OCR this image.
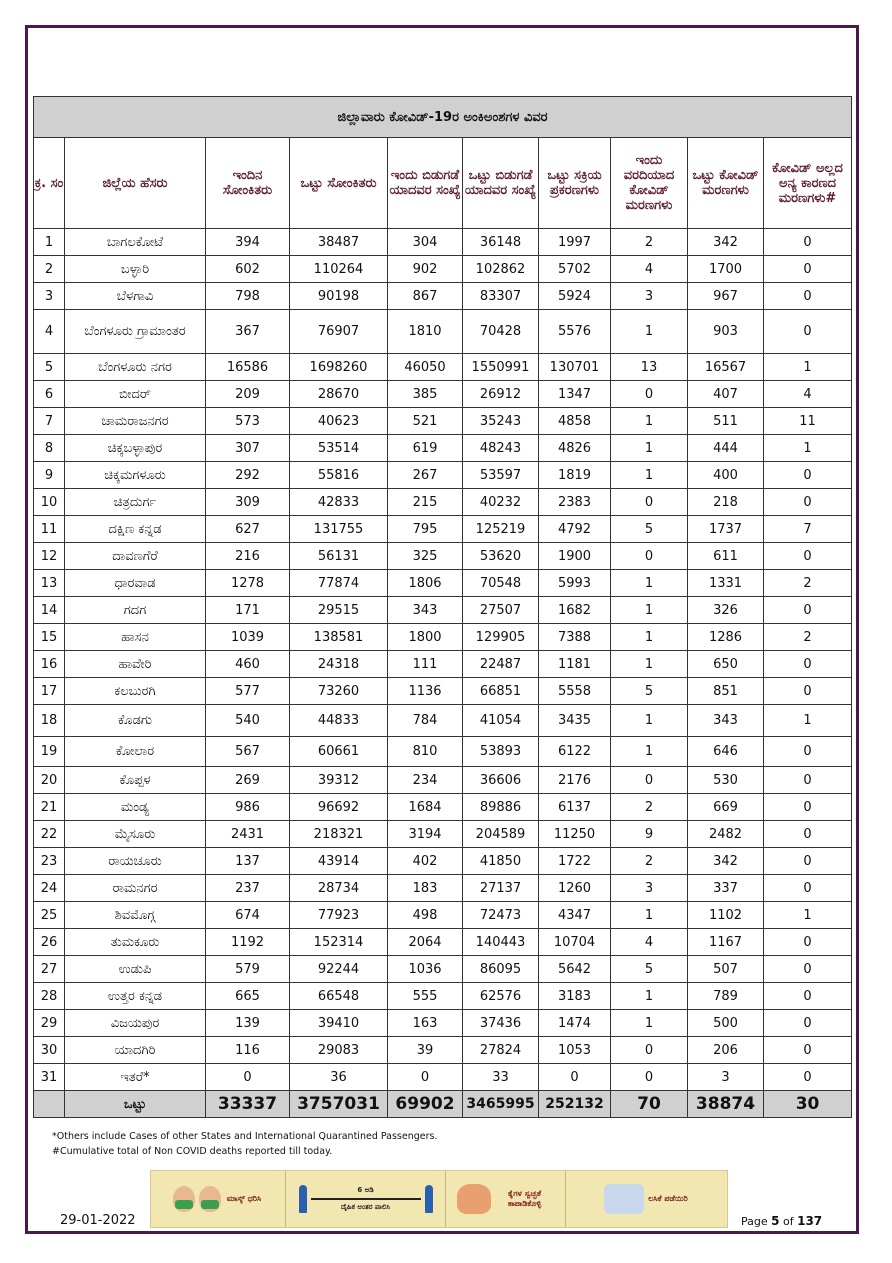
ಜಿಲ್ಲಾವಾರು ಕೋವಿಡ್-19ರ ಅಂಕಿಅಂಶಗಳ ವಿವರ									
ಕ್ರ. ಸಂ	ಜಿಲ್ಲೆಯ ಹೆಸರು	ಇಂದಿನ ಸೋಂಕಿತರು	ಒಟ್ಟು ಸೋಂಕಿತರು	ಇಂದು ಬಿಡುಗಡೆ ಯಾದವರ ಸಂಖ್ಯೆ	ಒಟ್ಟು ಬಿಡುಗಡೆ ಯಾದವರ ಸಂಖ್ಯೆ	ಒಟ್ಟು ಸಕ್ರಿಯ ಪ್ರಕರಣಗಳು	ಇಂದು ವರದಿಯಾದ ಕೋವಿಡ್ ಮರಣಗಳು	ಒಟ್ಟು ಕೋವಿಡ್ ಮರಣಗಳು	ಕೋವಿಡ್ ಅಲ್ಲದ ಅನ್ಯ ಕಾರಣದ ಮರಣಗಳು#
1	ಬಾಗಲಕೋಟೆ	394	38487	304	36148	1997	2	342	0
2	ಬಳ್ಳಾರಿ	602	110264	902	102862	5702	4	1700	0
3	ಬೆಳಗಾವಿ	798	90198	867	83307	5924	3	967	0
4	ಬೆಂಗಳೂರು ಗ್ರಾಮಾಂತರ	367	76907	1810	70428	5576	1	903	0
5	ಬೆಂಗಳೂರು ನಗರ	16586	1698260	46050	1550991	130701	13	16567	1
6	ಬೀದರ್	209	28670	385	26912	1347	0	407	4
7	ಚಾಮರಾಜನಗರ	573	40623	521	35243	4858	1	511	11
8	ಚಿಕ್ಕಬಳ್ಳಾಪುರ	307	53514	619	48243	4826	1	444	1
9	ಚಿಕ್ಕಮಗಳೂರು	292	55816	267	53597	1819	1	400	0
10	ಚಿತ್ರದುರ್ಗ	309	42833	215	40232	2383	0	218	0
11	ದಕ್ಷಿಣ ಕನ್ನಡ	627	131755	795	125219	4792	5	1737	7
12	ದಾವಣಗೆರೆ	216	56131	325	53620	1900	0	611	0
13	ಧಾರವಾಡ	1278	77874	1806	70548	5993	1	1331	2
14	ಗದಗ	171	29515	343	27507	1682	1	326	0
15	ಹಾಸನ	1039	138581	1800	129905	7388	1	1286	2
16	ಹಾವೇರಿ	460	24318	111	22487	1181	1	650	0
17	ಕಲಬುರಗಿ	577	73260	1136	66851	5558	5	851	0
18	ಕೊಡಗು	540	44833	784	41054	3435	1	343	1
19	ಕೋಲಾರ	567	60661	810	53893	6122	1	646	0
20	ಕೊಪ್ಪಳ	269	39312	234	36606	2176	0	530	0
21	ಮಂಡ್ಯ	986	96692	1684	89886	6137	2	669	0
22	ಮೈಸೂರು	2431	218321	3194	204589	11250	9	2482	0
23	ರಾಯಚೂರು	137	43914	402	41850	1722	2	342	0
24	ರಾಮನಗರ	237	28734	183	27137	1260	3	337	0
25	ಶಿವಮೊಗ್ಗ	674	77923	498	72473	4347	1	1102	1
26	ತುಮಕೂರು	1192	152314	2064	140443	10704	4	1167	0
27	ಉಡುಪಿ	579	92244	1036	86095	5642	5	507	0
28	ಉತ್ತರ ಕನ್ನಡ	665	66548	555	62576	3183	1	789	0
29	ವಿಜಯಪುರ	139	39410	163	37436	1474	1	500	0
30	ಯಾದಗಿರಿ	116	29083	39	27824	1053	0	206	0
31	ಇತರೆ*	0	36	0	33	0	0	3	0
	ಒಟ್ಟು	33337	3757031	69902	3465995	252132	70	38874	30
*Others include Cases of other States and International Quarantined Passengers.
#Cumulative total of Non COVID deaths reported till today.
ಮಾಸ್ಕ್ ಧರಿಸಿ
6 ಅಡಿ
ದೈಹಿಕ ಅಂತರ ಪಾಲಿಸಿ
ಕೈಗಳ ಸ್ವಚ್ಛತೆ ಕಾಪಾಡಿಕೊಳ್ಳಿ
ಲಸಿಕೆ ಪಡೆಯಿರಿ
29-01-2022	Page 5 of 137
